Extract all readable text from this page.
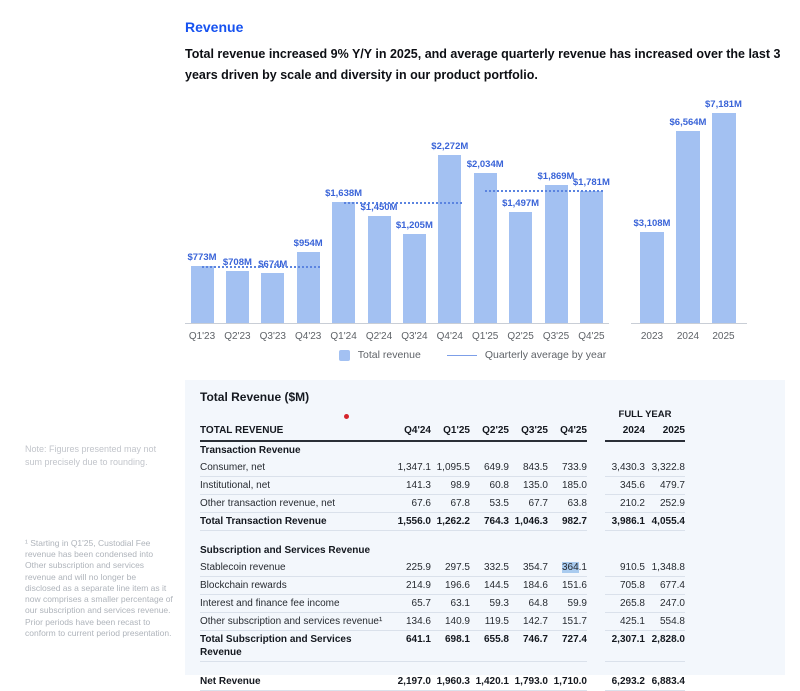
Revenue

Total revenue increased 9% Y/Y in 2025, and average quarterly revenue has increased over the last 3 years driven by scale and diversity in our product portfolio.

$773M
Q1'23
$708M
Q2'23
$674M
Q3'23
$954M
Q4'23
$1,638M
Q1'24
$1,450M
Q2'24
$1,205M
Q3'24
$2,272M
Q4'24
$2,034M
Q1'25
$1,497M
Q2'25
$1,869M
Q3'25
$1,781M
Q4'25
$3,108M
2023
$6,564M
2024
$7,181M
2025
Total revenue	Quarterly average by year
Note: Figures presented may not sum precisely due to rounding.
¹ Starting in Q1'25, Custodial Fee revenue has been condensed into Other subscription and services revenue and will no longer be disclosed as a separate line item as it now comprises a smaller percentage of our subscription and services revenue. Prior periods have been recast to conform to current period presentation.
Total Revenue ($M)
FULL YEAR
TOTAL REVENUE	Q4'24	Q1'25	Q2'25	Q3'25	Q4'25	2024	2025
Transaction Revenue
Consumer, net	1,347.1 1,095.5	649.9	843.5	733.9	3,430.3 3,322.8
Institutional, net	141.3	98.9	60.8	135.0	185.0	345.6	479.7
Other transaction revenue, net	67.6	67.8	53.5	67.7	63.8	210.2	252.9
Total Transaction Revenue	1,556.0 1,262.2	764.3 1,046.3	982.7	3,986.1 4,055.4
Subscription and Services Revenue
Stablecoin revenue	225.9	297.5	332.5	354.7	364.1	910.5 1,348.8
Blockchain rewards	214.9	196.6	144.5	184.6	151.6	705.8	677.4
Interest and finance fee income	65.7	63.1	59.3	64.8	59.9	265.8	247.0
Other subscription and services revenue¹	134.6	140.9	119.5	142.7	151.7	425.1	554.8
Total Subscription and Services Revenue
641.1	698.1	655.8	746.7	727.4	2,307.1 2,828.0
Net Revenue	2,197.0 1,960.3 1,420.1 1,793.0 1,710.0	6,293.2 6,883.4
